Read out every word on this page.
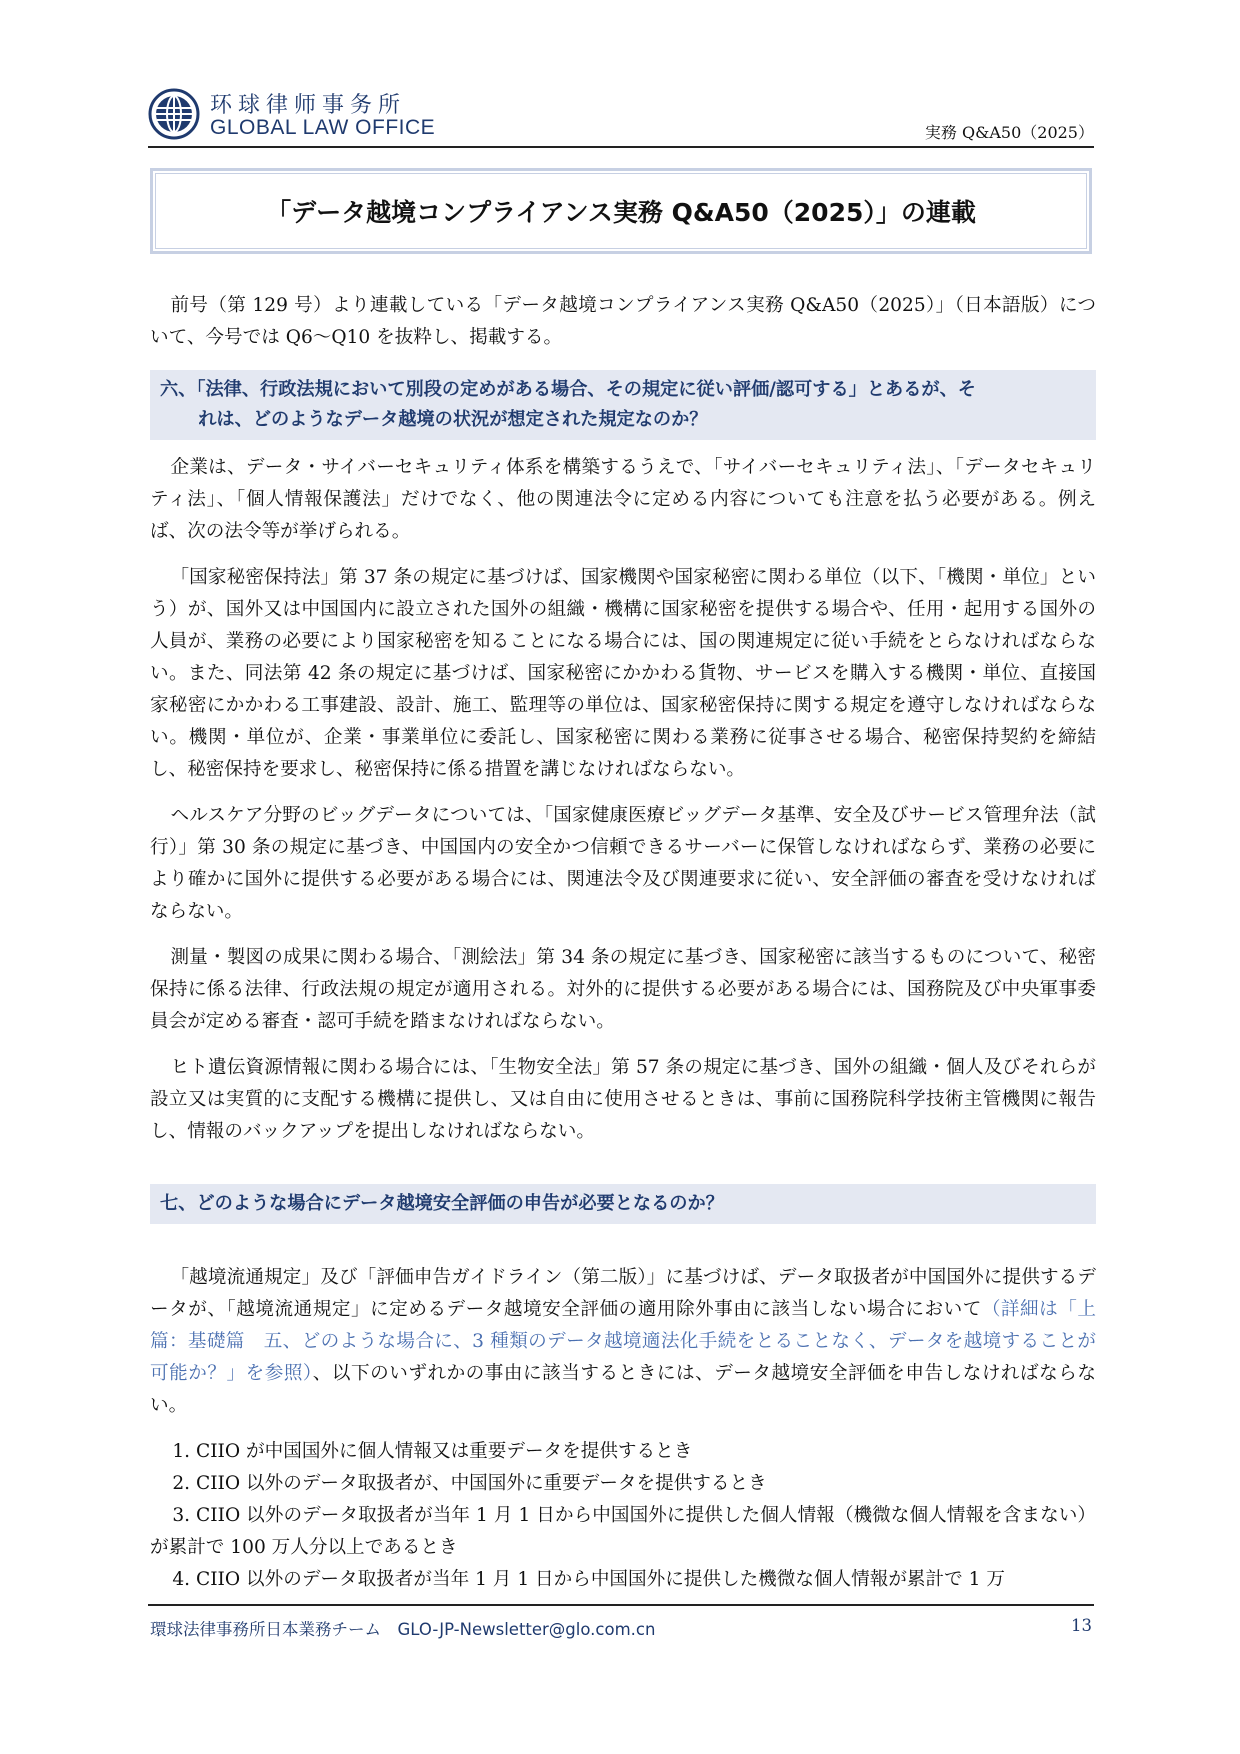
环球律师事务所
GLOBAL LAW OFFICE	実務 Q&A50（2025）
「データ越境コンプライアンス実務 Q&A50（2025）」の連載

前号（第 129 号）より連載している「データ越境コンプライアンス実務 Q&A50（2025）」（日本語版）について、今号では Q6～Q10 を抜粋し、掲載する。

六、「法律、行政法規において別段の定めがある場合、その規定に従い評価/認可する」とあるが、そ
れは、どのようなデータ越境の状況が想定された規定なのか？

企業は、データ・サイバーセキュリティ体系を構築するうえで、「サイバーセキュリティ法」、「データセキュリティ法」、「個人情報保護法」だけでなく、他の関連法令に定める内容についても注意を払う必要がある。例えば、次の法令等が挙げられる。

「国家秘密保持法」第 37 条の規定に基づけば、国家機関や国家秘密に関わる単位（以下、「機関・単位」という）が、国外又は中国国内に設立された国外の組織・機構に国家秘密を提供する場合や、任用・起用する国外の人員が、業務の必要により国家秘密を知ることになる場合には、国の関連規定に従い手続をとらなければならない。また、同法第 42 条の規定に基づけば、国家秘密にかかわる貨物、サービスを購入する機関・単位、直接国家秘密にかかわる工事建設、設計、施工、監理等の単位は、国家秘密保持に関する規定を遵守しなければならない。機関・単位が、企業・事業単位に委託し、国家秘密に関わる業務に従事させる場合、秘密保持契約を締結し、秘密保持を要求し、秘密保持に係る措置を講じなければならない。

ヘルスケア分野のビッグデータについては、「国家健康医療ビッグデータ基準、安全及びサービス管理弁法（試行）」第 30 条の規定に基づき、中国国内の安全かつ信頼できるサーバーに保管しなければならず、業務の必要により確かに国外に提供する必要がある場合には、関連法令及び関連要求に従い、安全評価の審査を受けなければならない。

測量・製図の成果に関わる場合、「測絵法」第 34 条の規定に基づき、国家秘密に該当するものについて、秘密保持に係る法律、行政法規の規定が適用される。対外的に提供する必要がある場合には、国務院及び中央軍事委員会が定める審査・認可手続を踏まなければならない。

ヒト遺伝資源情報に関わる場合には、「生物安全法」第 57 条の規定に基づき、国外の組織・個人及びそれらが設立又は実質的に支配する機構に提供し、又は自由に使用させるときは、事前に国務院科学技術主管機関に報告し、情報のバックアップを提出しなければならない。

七、どのような場合にデータ越境安全評価の申告が必要となるのか？

「越境流通規定」及び「評価申告ガイドライン（第二版）」に基づけば、データ取扱者が中国国外に提供するデータが、「越境流通規定」に定めるデータ越境安全評価の適用除外事由に該当しない場合において（詳細は「上篇：基礎篇　五、どのような場合に、3 種類のデータ越境適法化手続をとることなく、データを越境することが可能か？」を参照）、以下のいずれかの事由に該当するときには、データ越境安全評価を申告しなければならない。

1. CIIO が中国国外に個人情報又は重要データを提供するとき

2. CIIO 以外のデータ取扱者が、中国国外に重要データを提供するとき

3. CIIO 以外のデータ取扱者が当年 1 月 1 日から中国国外に提供した個人情報（機微な個人情報を含まない）が累計で 100 万人分以上であるとき

4. CIIO 以外のデータ取扱者が当年 1 月 1 日から中国国外に提供した機微な個人情報が累計で 1 万

環球法律事務所日本業務チーム　GLO-JP-Newsletter@glo.com.cn	13
